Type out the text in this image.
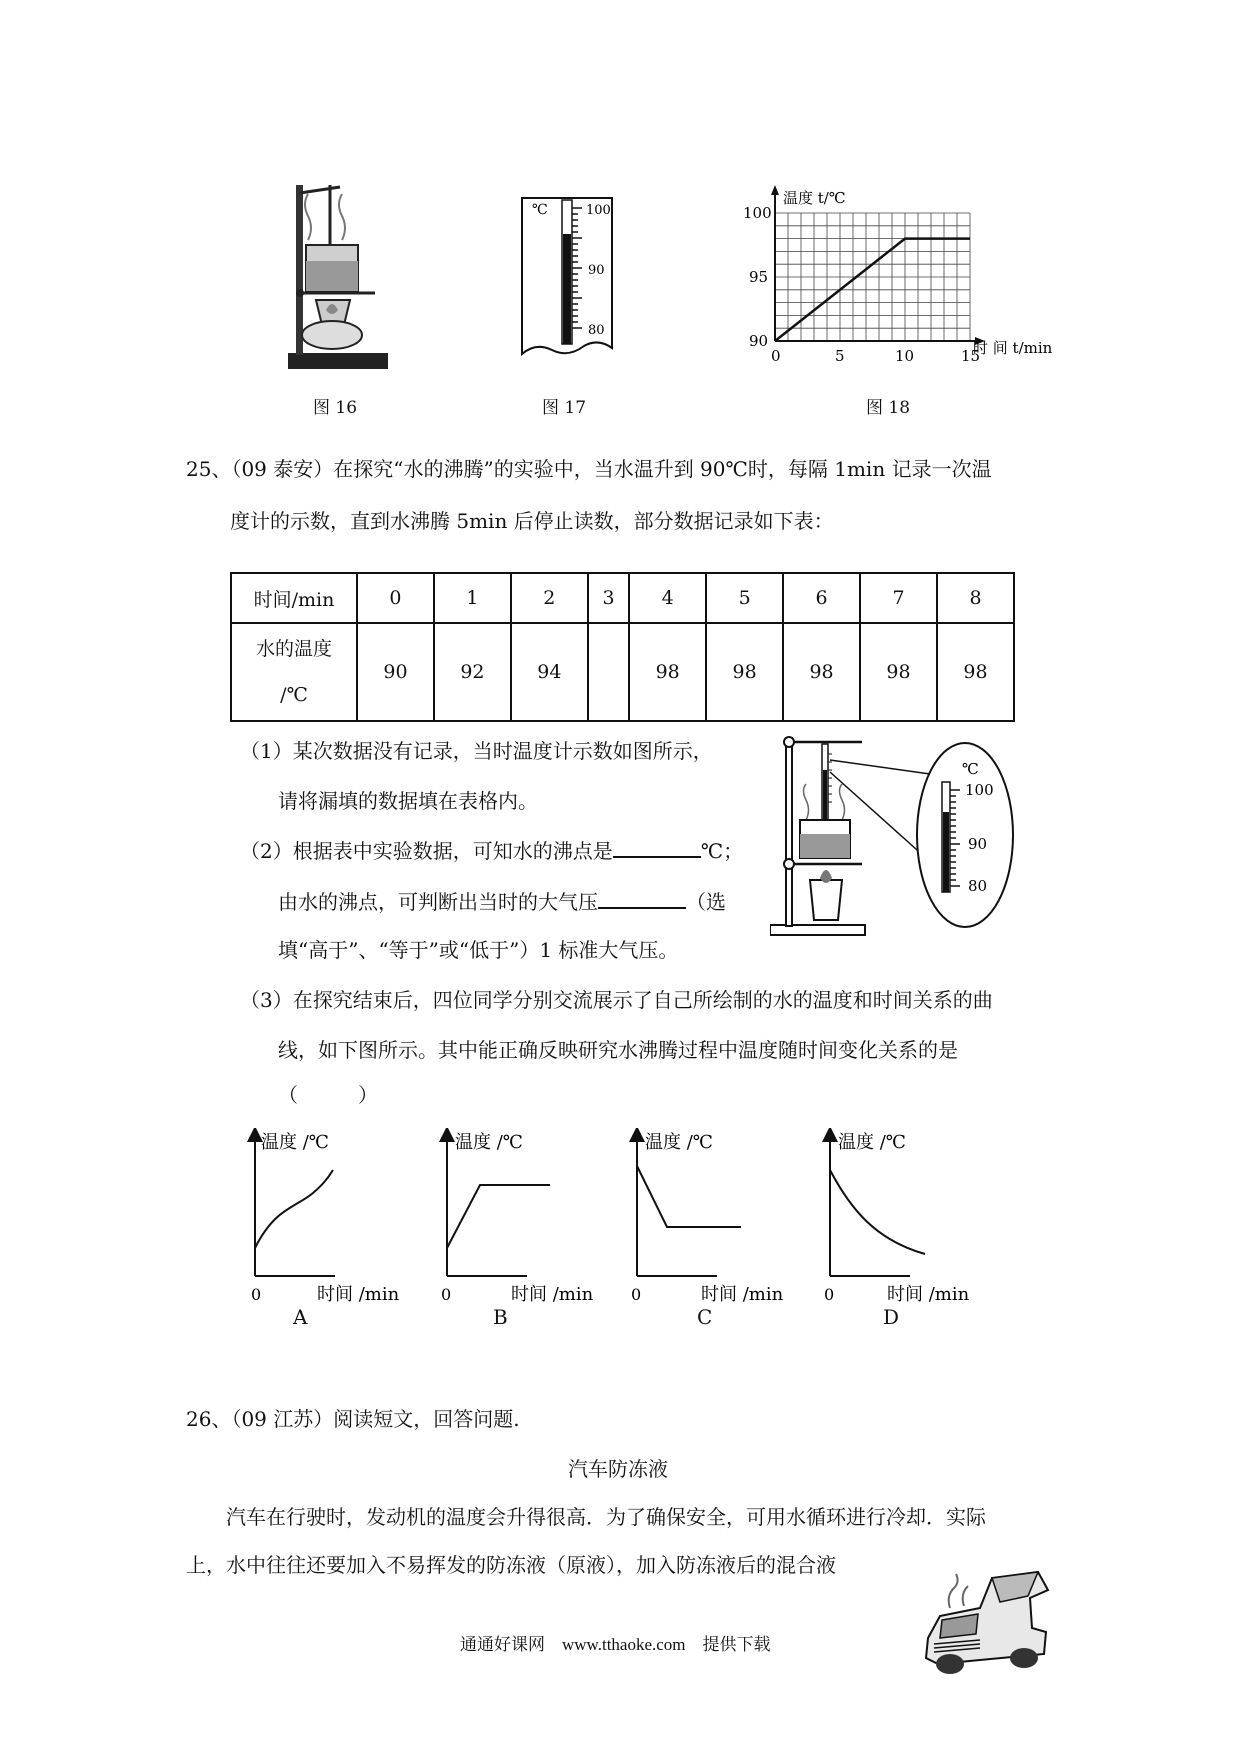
图 16
℃	100
90
80
图 17
温度 t/℃
时 间 t/min
100
95
90
0	5	10	15
图 18
25、（09 泰安）在探究“水的沸腾”的实验中，当水温升到 90℃时，每隔 1min 记录一次温
度计的示数，直到水沸腾 5min 后停止读数，部分数据记录如下表：
时间/min	0	1	2	3	4	5	6	7	8

水的温度
/℃	90	92	94		98	98	98	98	98
（1）某次数据没有记录，当时温度计示数如图所示，
请将漏填的数据填在表格内。
（2）根据表中实验数据，可知水的沸点是	℃；
由水的沸点，可判断出当时的大气压	（选
填“高于”、“等于”或“低于”）1 标准大气压。
℃
100
90
80
（3）在探究结束后，四位同学分别交流展示了自己所绘制的水的温度和时间关系的曲
线，如下图所示。其中能正确反映研究水沸腾过程中温度随时间变化关系的是
（　　　）
温度 /℃
0	时间 /min
温度 /℃
0	时间 /min
温度 /℃
0	时间 /min
温度 /℃
0	时间 /min
A	B	C	D
26、（09 江苏）阅读短文，回答问题.
汽车防冻液
汽车在行驶时，发动机的温度会升得很高．为了确保安全，可用水循环进行冷却．实际
上，水中往往还要加入不易挥发的防冻液（原液），加入防冻液后的混合液
通通好课网　www.tthaoke.com　提供下载
